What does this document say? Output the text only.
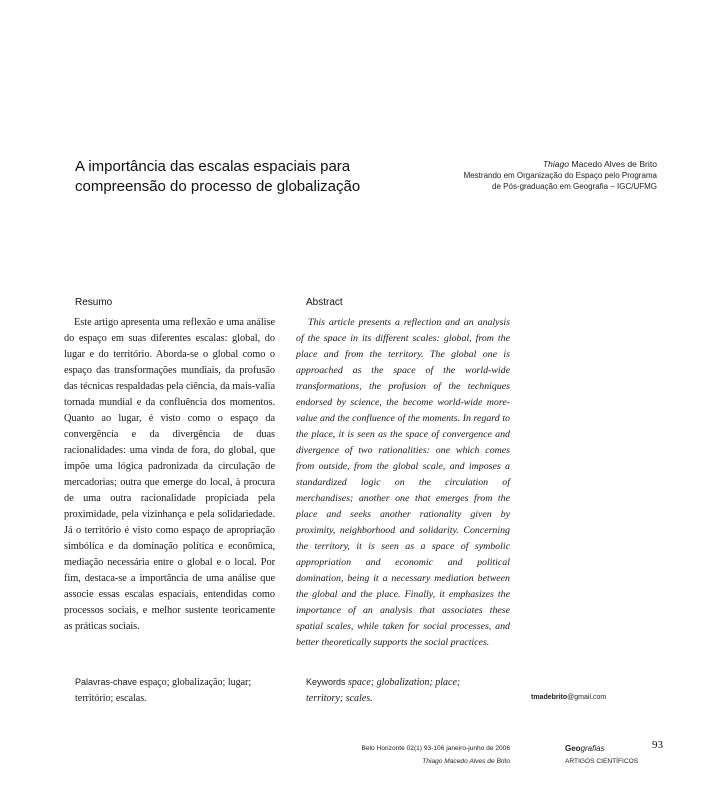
A importância das escalas espaciais para compreensão do processo de globalização
Thiago Macedo Alves de Brito
Mestrando em Organização do Espaço pelo Programa
de Pós-graduação em Geografia – IGC/UFMG
Resumo	Abstract

Este artigo apresenta uma reflexão e uma análise do espaço em suas diferentes escalas: global, do lugar e do território. Aborda-se o global como o espaço das transformações mundiais, da profusão das técnicas respaldadas pela ciência, da mais-valia tornada mundial e da confluência dos momentos. Quanto ao lugar, é visto como o espaço da convergência e da divergência de duas racionalidades: uma vinda de fora, do global, que impõe uma lógica padronizada da circulação de mercadorias; outra que emerge do local, à procura de uma outra racionalidade propiciada pela proximidade, pela vizinhança e pela solidariedade. Já o território é visto como espaço de apropriação simbólica e da dominação política e econômica, mediação necessária entre o global e o local. Por fim, destaca-se a importância de uma análise que associe essas escalas espaciais, entendidas como processos sociais, e melhor sustente teoricamente as práticas sociais.

This article presents a reflection and an analysis of the space in its different scales: global, from the place and from the territory. The global one is approached as the space of the world-wide transformations, the profusion of the techniques endorsed by science, the become world-wide more-value and the confluence of the moments. In regard to the place, it is seen as the space of convergence and divergence of two rationalities: one which comes from outside, from the global scale, and imposes a standardized logic on the circulation of merchandises; another one that emerges from the place and seeks another rationality given by proximity, neighborhood and solidarity. Concerning the territory, it is seen as a space of symbolic appropriation and economic and political domination, being it a necessary mediation between the global and the place. Finally, it emphasizes the importance of an analysis that associates these spatial scales, while taken for social processes, and better theoretically supports the social practices.

Palavras-chave espaço; globalização; lugar; território; escalas.
Keywords space; globalization; place; territory; scales.	tmadebrito@gmail.com
Belo Horizonte 02(1) 93-106 janeiro-junho de 2006
Thiago Macedo Alves de Brito
Geografias
ARTIGOS CIENTÍFICOS
93
